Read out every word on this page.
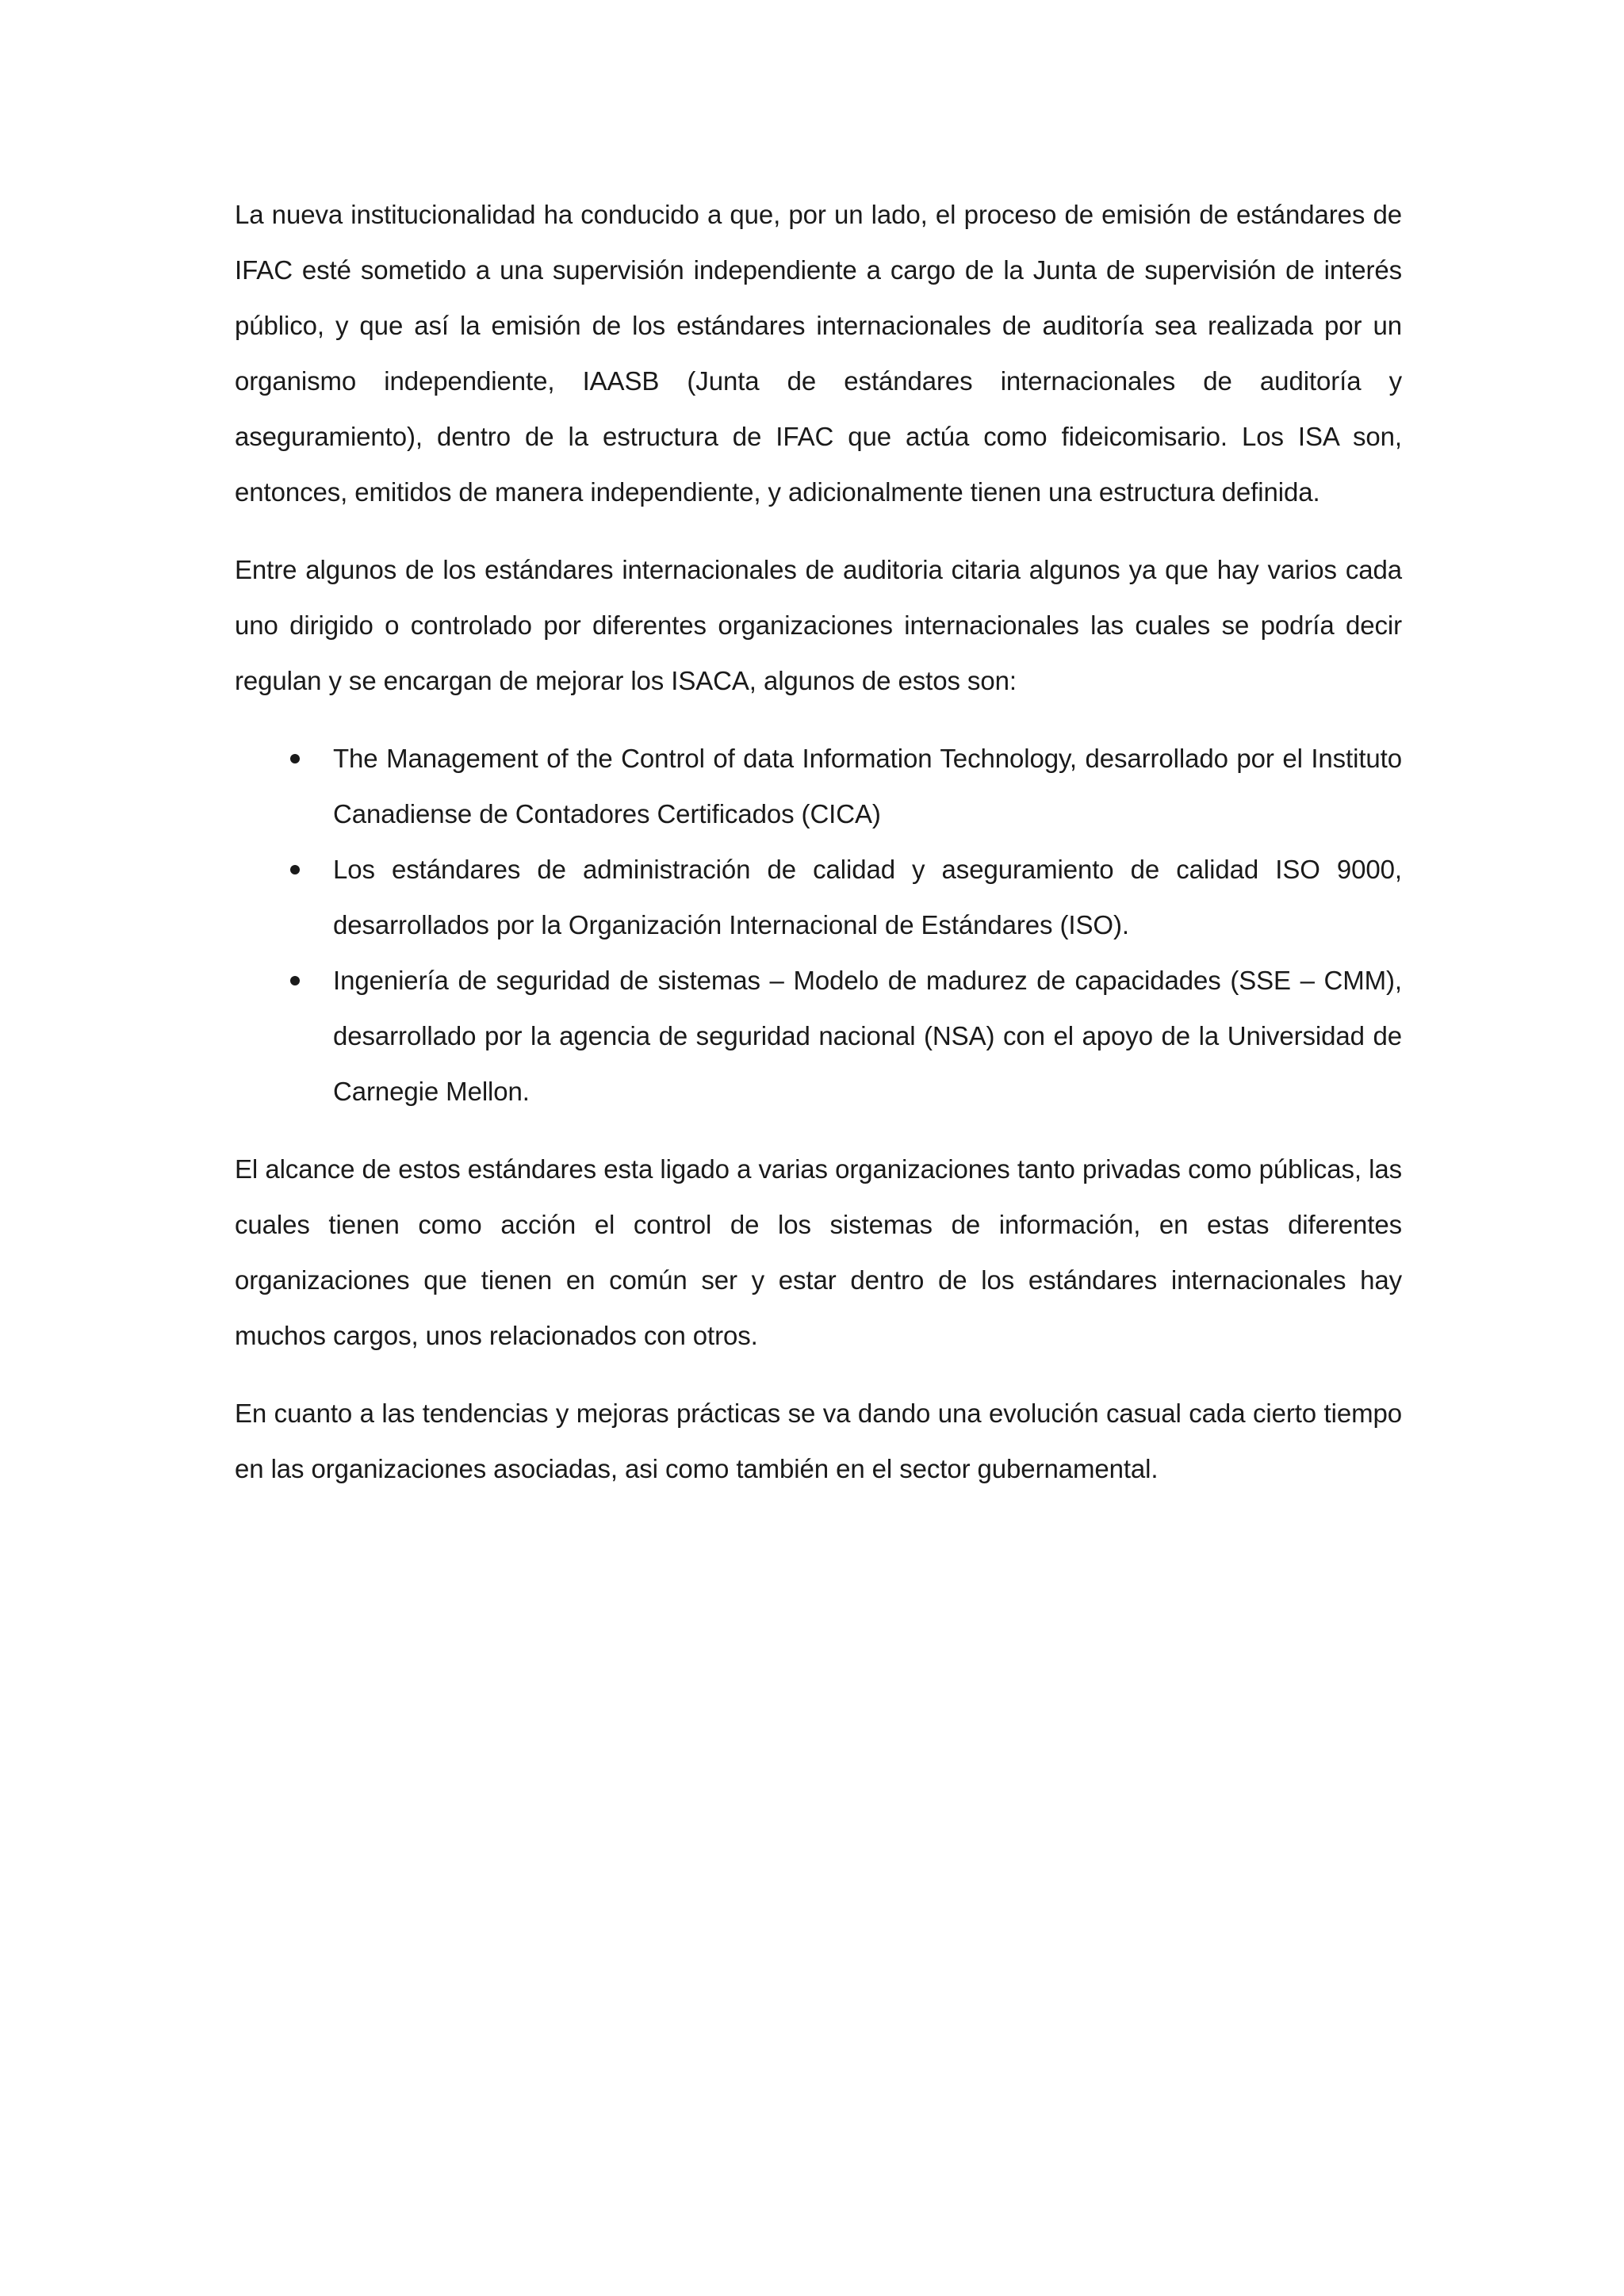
La nueva institucionalidad ha conducido a que, por un lado, el proceso de emisión de estándares de IFAC esté sometido a una supervisión independiente a cargo de la Junta de supervisión de interés público, y que así la emisión de los estándares internacionales de auditoría sea realizada por un organismo independiente, IAASB (Junta de estándares internacionales de auditoría y aseguramiento), dentro de la estructura de IFAC que actúa como fideicomisario. Los ISA son, entonces, emitidos de manera independiente, y adicionalmente tienen una estructura definida.

Entre algunos de los estándares internacionales de auditoria citaria algunos ya que hay varios cada uno dirigido o controlado por diferentes organizaciones internacionales las cuales se podría decir regulan y se encargan de mejorar los ISACA, algunos de estos son:

The Management of the Control of data Information Technology, desarrollado por el Instituto Canadiense de Contadores Certificados (CICA)
Los estándares de administración de calidad y aseguramiento de calidad ISO 9000, desarrollados por la Organización Internacional de Estándares (ISO).
Ingeniería de seguridad de sistemas – Modelo de madurez de capacidades (SSE – CMM), desarrollado por la agencia de seguridad nacional (NSA) con el apoyo de la Universidad de Carnegie Mellon.

El alcance de estos estándares esta ligado a varias organizaciones tanto privadas como públicas, las cuales tienen como acción el control de los sistemas de información, en estas diferentes organizaciones que tienen en común ser y estar dentro de los estándares internacionales hay muchos cargos, unos relacionados con otros.

En cuanto a las tendencias y mejoras prácticas se va dando una evolución casual cada cierto tiempo en las organizaciones asociadas, asi como también en el sector gubernamental.
